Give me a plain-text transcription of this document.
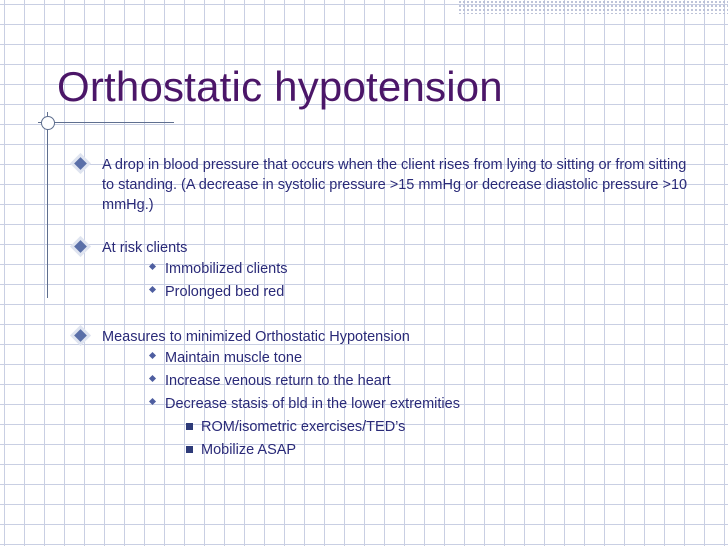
Orthostatic hypotension

A drop in blood pressure that occurs when the client rises from lying to sitting or from sitting to standing. (A decrease in systolic pressure >15 mmHg or decrease diastolic pressure >10 mmHg.)

At risk clients

Immobilized clients

Prolonged bed red

Measures to minimized Orthostatic Hypotension

Maintain muscle tone

Increase venous return to the heart

Decrease stasis of bld in the lower extremities

ROM/isometric exercises/TED’s

Mobilize ASAP
